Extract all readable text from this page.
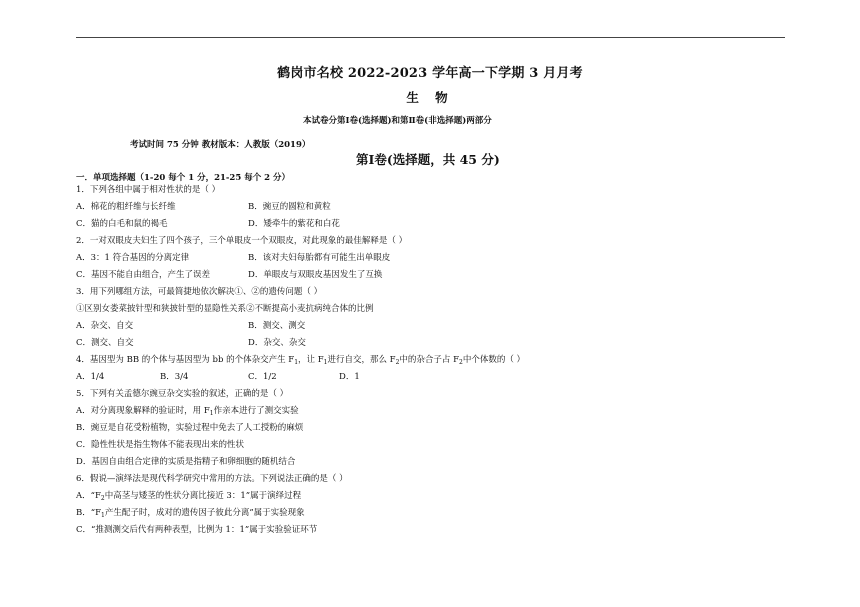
鹤岗市名校 2022-2023 学年高一下学期 3 月月考
生 物
本试卷分第Ⅰ卷(选择题)和第Ⅱ卷(非选择题)两部分
考试时间 75 分钟 教材版本：人教版（2019）
第Ⅰ卷(选择题，共 45 分)
一．单项选择题（1-20 每个 1 分，21-25 每个 2 分）
1．下列各组中属于相对性状的是（ ）
A．棉花的粗纤维与长纤维	B．豌豆的圆粒和黄粒
C．猫的白毛和鼠的褐毛	D．矮牵牛的紫花和白花
2．一对双眼皮夫妇生了四个孩子，三个单眼皮一个双眼皮，对此现象的最佳解释是（ ）
A．3：1 符合基因的分离定律	B．该对夫妇每胎都有可能生出单眼皮
C．基因不能自由组合，产生了误差	D．单眼皮与双眼皮基因发生了互换
3．用下列哪组方法，可最简捷地依次解决①、②的遗传问题（ ）
①区别女娄菜披针型和狭披针型的显隐性关系②不断提高小麦抗病纯合体的比例
A．杂交、自交	B．测交、测交
C．测交、自交	D．杂交、杂交
4．基因型为 BB 的个体与基因型为 bb 的个体杂交产生 $F_1$，让 $F_1$进行自交，那么 $F_2$中的杂合子占 $F_2$中个体数的（ ）
A．1/4	B．3/4	C．1/2	D．1
5．下列有关孟德尔豌豆杂交实验的叙述，正确的是（ ）
A．对分离现象解释的验证时，用 $F_1$作亲本进行了测交实验
B．豌豆是自花受粉植物，实验过程中免去了人工授粉的麻烦
C．隐性性状是指生物体不能表现出来的性状
D．基因自由组合定律的实质是指精子和卵细胞的随机结合
6．假说—演绎法是现代科学研究中常用的方法。下列说法正确的是（ ）
A．“$F_2$中高茎与矮茎的性状分离比接近 3：1”属于演绎过程
B．“$F_1$产生配子时，成对的遗传因子彼此分离”属于实验现象
C．“推测测交后代有两种表型，比例为 1：1”属于实验验证环节
